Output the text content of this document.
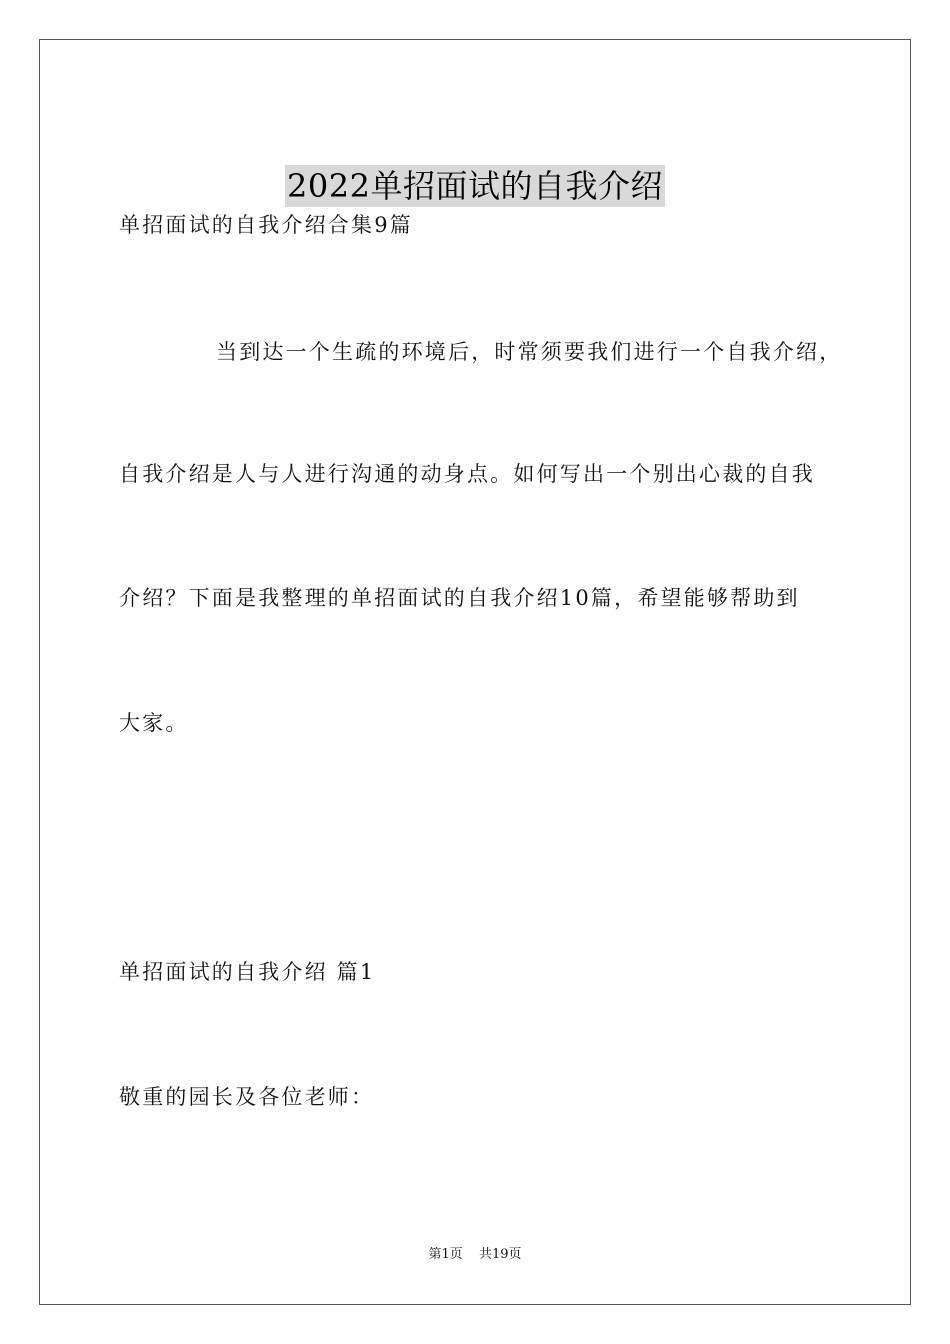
2022单招面试的自我介绍
单招面试的自我介绍合集9篇
当到达一个生疏的环境后，时常须要我们进行一个自我介绍，
自我介绍是人与人进行沟通的动身点。如何写出一个别出心裁的自我
介绍？下面是我整理的单招面试的自我介绍10篇，希望能够帮助到
大家。
单招面试的自我介绍 篇1
敬重的园长及各位老师：
第1页 共19页
